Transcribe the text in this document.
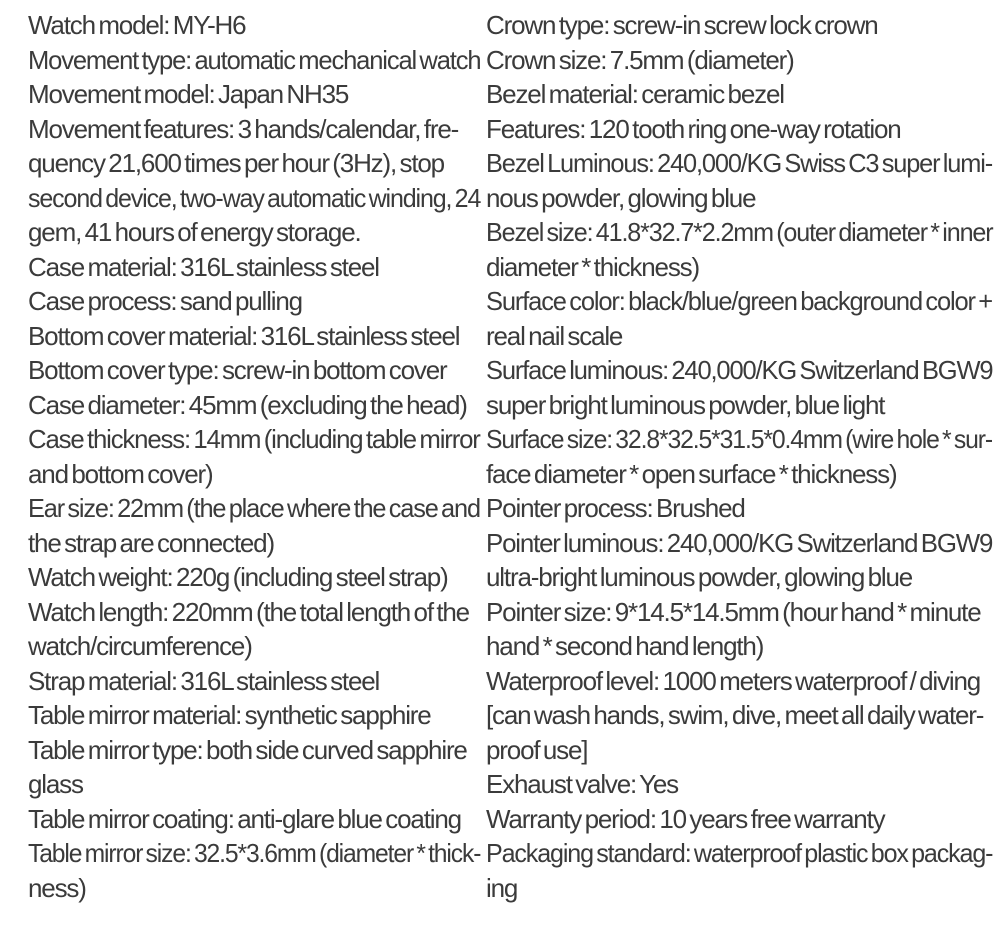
Watch model: MY-H6
Movement type: automatic mechanical watch
Movement model: Japan NH35
Movement features: 3 hands/calendar, fre-
quency 21,600 times per hour (3Hz), stop
second device, two-way automatic winding, 24
gem, 41 hours of energy storage.
Case material: 316L stainless steel
Case process: sand pulling
Bottom cover material: 316L stainless steel
Bottom cover type: screw-in bottom cover
Case diameter: 45mm (excluding the head)
Case thickness: 14mm (including table mirror
and bottom cover)
Ear size: 22mm (the place where the case and
the strap are connected)
Watch weight: 220g (including steel strap)
Watch length: 220mm (the total length of the
watch/circumference)
Strap material: 316L stainless steel
Table mirror material: synthetic sapphire
Table mirror type: both side curved sapphire
glass
Table mirror coating: anti-glare blue coating
Table mirror size: 32.5*3.6mm (diameter * thick-
ness)
Crown type: screw-in screw lock crown
Crown size: 7.5mm (diameter)
Bezel material: ceramic bezel
Features: 120 tooth ring one-way rotation
Bezel Luminous: 240,000/KG Swiss C3 super lumi-
nous powder, glowing blue
Bezel size: 41.8*32.7*2.2mm (outer diameter * inner
diameter * thickness)
Surface color: black/blue/green background color +
real nail scale
Surface luminous: 240,000/KG Switzerland BGW9
super bright luminous powder, blue light
Surface size: 32.8*32.5*31.5*0.4mm (wire hole * sur-
face diameter * open surface * thickness)
Pointer process: Brushed
Pointer luminous: 240,000/KG Switzerland BGW9
ultra-bright luminous powder, glowing blue
Pointer size: 9*14.5*14.5mm (hour hand * minute
hand * second hand length)
Waterproof level: 1000 meters waterproof / diving
[can wash hands, swim, dive, meet all daily water-
proof use]
Exhaust valve: Yes
Warranty period: 10 years free warranty
Packaging standard: waterproof plastic box packag-
ing
